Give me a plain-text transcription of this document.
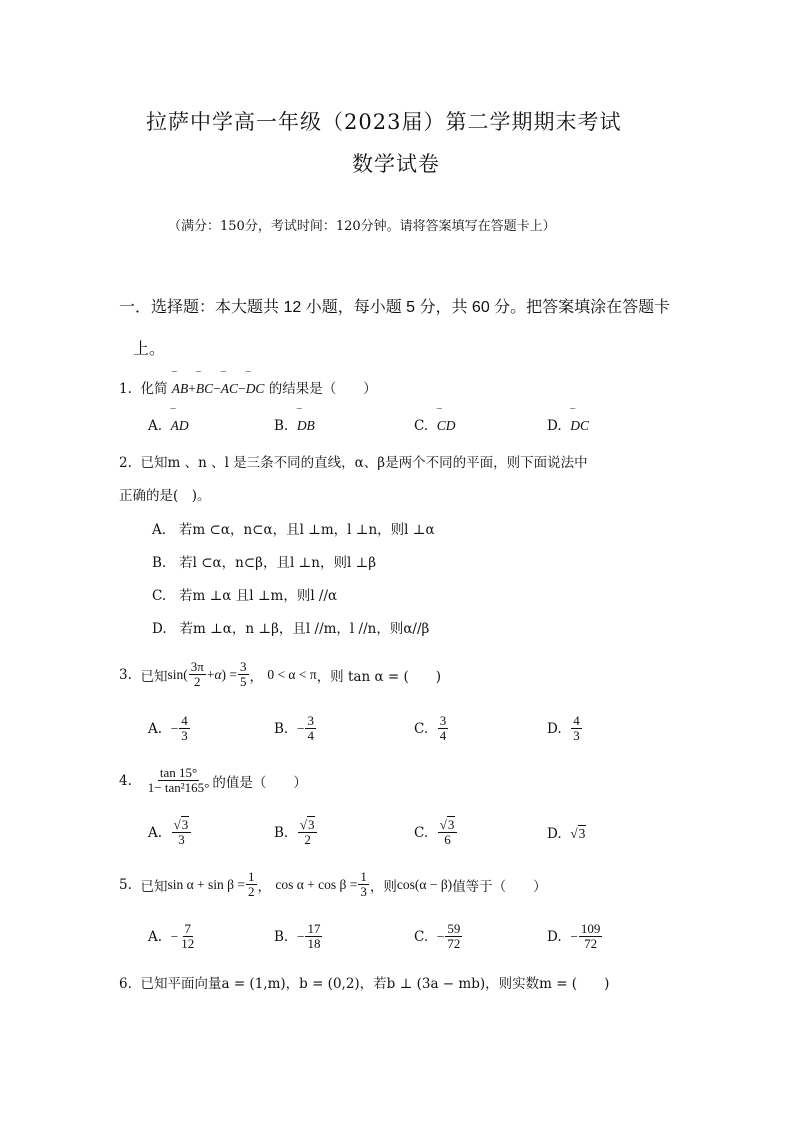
拉萨中学高一年级（2023届）第二学期期末考试
数学试卷
（满分：150分，考试时间：120分钟。请将答案填写在答题卡上）
一．选择题：本大题共 12 小题，每小题 5 分，共 60 分。把答案填涂在答题卡
上。
1. 化简 ‾‾‾ AB+‾‾‾ BC−‾‾‾ AC−‾‾‾ DC 的结果是（　　）
A. ‾‾‾ AD	B. ‾‾‾ DB	C. ‾‾‾ CD	D. ‾‾‾ DC
2. 已知m 、n 、l 是三条不同的直线，α、β是两个不同的平面，则下面说法中
正确的是(　)。
A. 若m ⊂α，n⊂α，且l ⊥m，l ⊥n，则l ⊥α
B. 若l ⊂α，n⊂β，且l ⊥n，则l ⊥β
C. 若m ⊥α 且l ⊥m，则l //α
D. 若m ⊥α，n ⊥β，且l //m，l //n，则α//β
3.
已知 $\sin( \frac{3\pi}{2} + \alpha$ ) = $\frac{3}{5}$ ， 0 < α < π ，则 tan α = (　　)
A.
− $\frac{4}{3}$	B.
− $\frac{3}{4}$	C.
$\frac{3}{4}$	D.
$\frac{4}{3}$
4.
$\frac{\tan 15^\circ}{\text{1− tan²165°}}$ 的值是（　　）
A.
$\frac{√3}{3}$	B.
$\frac{√3}{2}$	C.
$\frac{√3}{6}$	D.
√3
5.
已知 $\sin \alpha + \sin \beta = \frac{1}{2}$ ， $\cos \alpha + \cos \beta = \frac{1}{3}$ ，则 cos(α − β) 值等于（　　）
A.
− $\frac{7}{12}$	B.
− $\frac{17}{18}$	C.
− $\frac{59}{72}$	D.
− $\frac{109}{72}$
6. 已知平面向量a = (1,m)，b = (0,2)，若b ⊥ (3a − mb)，则实数m = (　　)
